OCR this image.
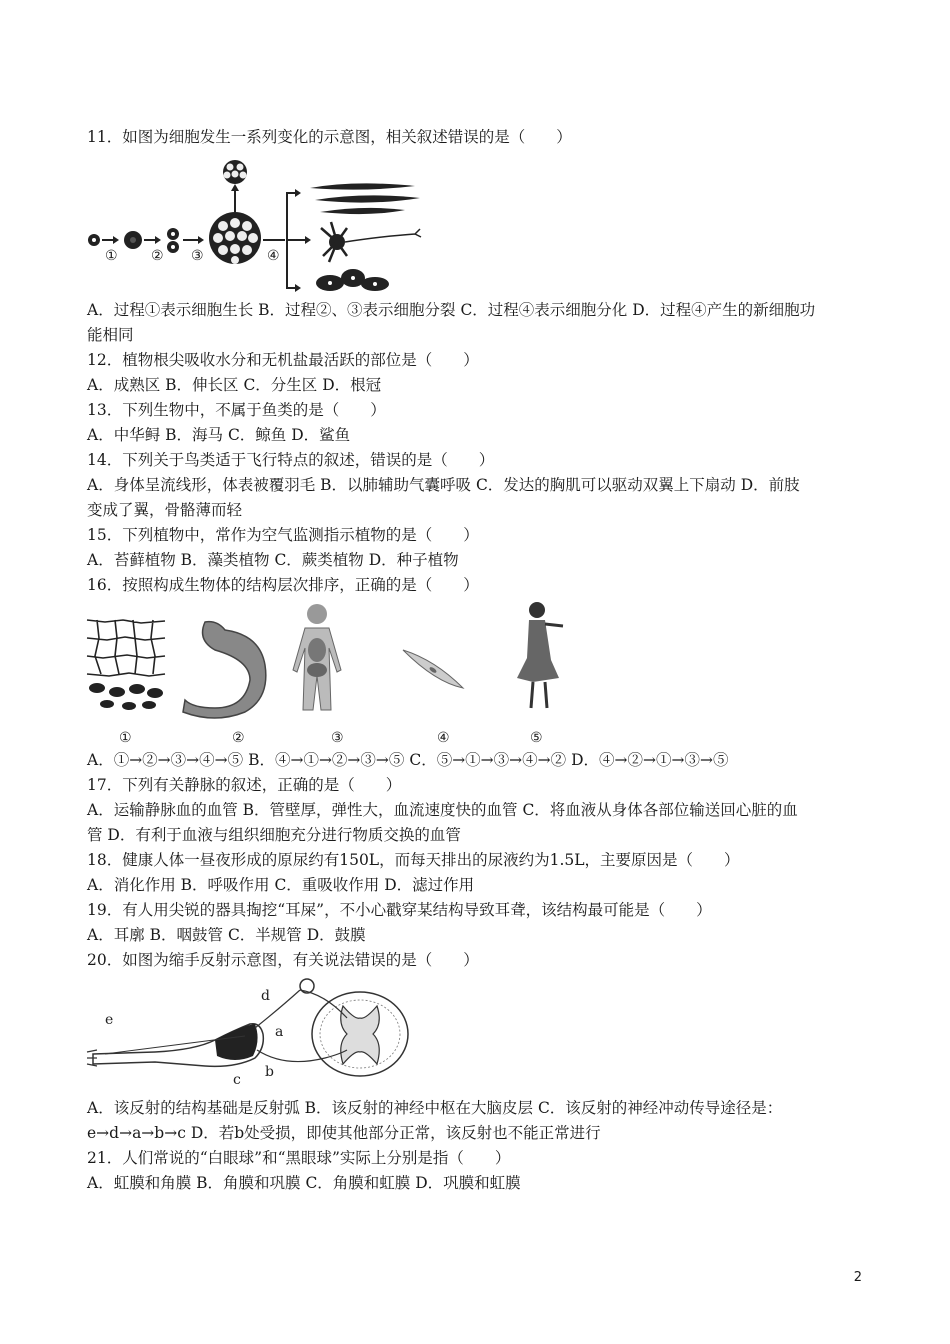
11．如图为细胞发生一系列变化的示意图，相关叙述错误的是（　　）
① ② ③	④
A．过程①表示细胞生长 B．过程②、③表示细胞分裂 C．过程④表示细胞分化 D．过程④产生的新细胞功
能相同
12．植物根尖吸收水分和无机盐最活跃的部位是（　　）
A．成熟区 B．伸长区 C．分生区 D．根冠
13．下列生物中，不属于鱼类的是（　　）
A．中华鲟 B．海马 C．鲸鱼 D．鲨鱼
14．下列关于鸟类适于飞行特点的叙述，错误的是（　　）
A．身体呈流线形，体表被覆羽毛 B．以肺辅助气囊呼吸 C．发达的胸肌可以驱动双翼上下扇动 D．前肢
变成了翼，骨骼薄而轻
15．下列植物中，常作为空气监测指示植物的是（　　）
A．苔藓植物 B．藻类植物 C．蕨类植物 D．种子植物
16．按照构成生物体的结构层次排序，正确的是（　　）
①	②	③	④	⑤
A．①→②→③→④→⑤ B．④→①→②→③→⑤ C．⑤→①→③→④→② D．④→②→①→③→⑤
17．下列有关静脉的叙述，正确的是（　　）
A．运输静脉血的血管 B．管壁厚，弹性大，血流速度快的血管 C．将血液从身体各部位输送回心脏的血
管 D．有利于血液与组织细胞充分进行物质交换的血管
18．健康人体一昼夜形成的原尿约有150L，而每天排出的尿液约为1.5L，主要原因是（　　）
A．消化作用 B．呼吸作用 C．重吸收作用 D．滤过作用
19．有人用尖锐的器具掏挖“耳屎”，不小心戳穿某结构导致耳聋，该结构最可能是（　　）
A．耳廓 B．咽鼓管 C．半规管 D．鼓膜
20．如图为缩手反射示意图，有关说法错误的是（　　）
e
d
a
b
c
A．该反射的结构基础是反射弧 B．该反射的神经中枢在大脑皮层 C．该反射的神经冲动传导途径是：
e→d→a→b→c D．若b处受损，即使其他部分正常，该反射也不能正常进行
21．人们常说的“白眼球”和“黑眼球”实际上分别是指（　　）
A．虹膜和角膜 B．角膜和巩膜 C．角膜和虹膜 D．巩膜和虹膜
2
